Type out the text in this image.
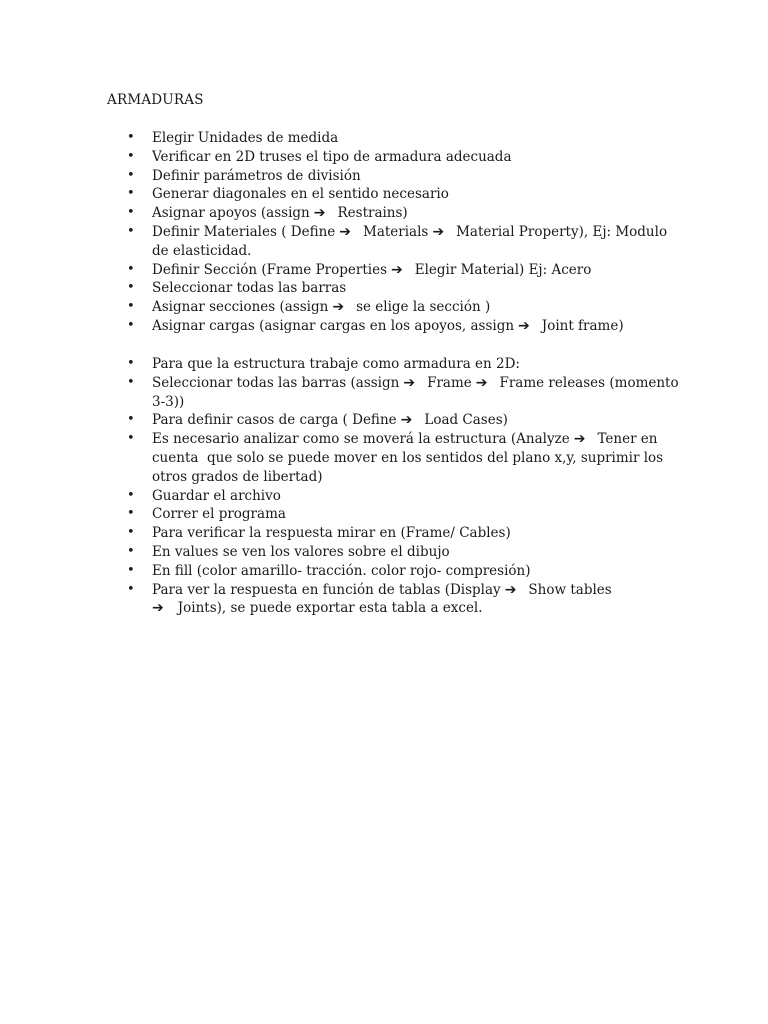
ARMADURAS
• Elegir Unidades de medida
• Verificar en 2D truses el tipo de armadura adecuada
• Definir parámetros de división
• Generar diagonales en el sentido necesario
• Asignar apoyos (assign ➔ Restrains)
• Definir Materiales ( Define ➔ Materials ➔ Material Property), Ej: Modulo
de elasticidad.
• Definir Sección (Frame Properties ➔ Elegir Material) Ej: Acero
• Seleccionar todas las barras
• Asignar secciones (assign ➔ se elige la sección )
• Asignar cargas (asignar cargas en los apoyos, assign ➔ Joint frame)
• Para que la estructura trabaje como armadura en 2D:
• Seleccionar todas las barras (assign ➔ Frame ➔ Frame releases (momento
3-3))
• Para definir casos de carga ( Define ➔ Load Cases)
• Es necesario analizar como se moverá la estructura (Analyze ➔ Tener en
cuenta  que solo se puede mover en los sentidos del plano x,y, suprimir los
otros grados de libertad)
• Guardar el archivo
• Correr el programa
• Para verificar la respuesta mirar en (Frame/ Cables)
• En values se ven los valores sobre el dibujo
• En fill (color amarillo- tracción. color rojo- compresión)
• Para ver la respuesta en función de tablas (Display ➔ Show tables
➔ Joints), se puede exportar esta tabla a excel.
